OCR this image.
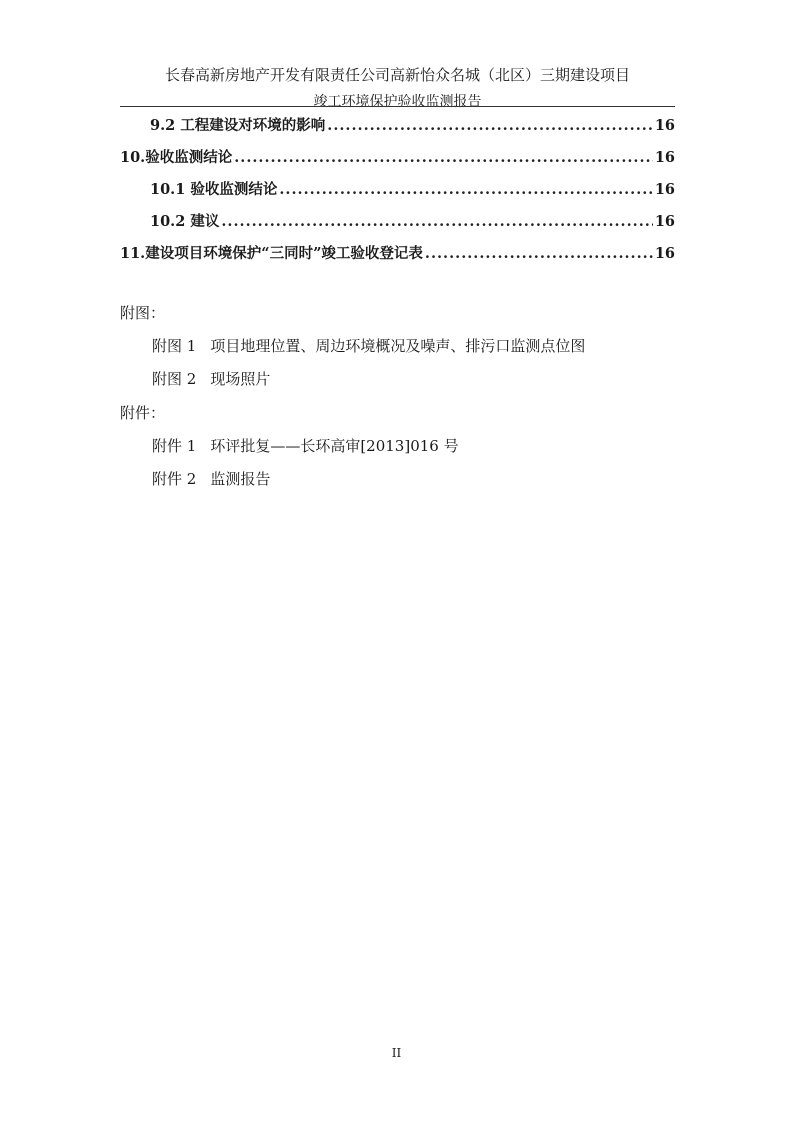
长春高新房地产开发有限责任公司高新怡众名城（北区）三期建设项目
竣工环境保护验收监测报告
9.2 工程建设对环境的影响 .....	16
10.验收监测结论 .....	16
10.1 验收监测结论 .....	16
10.2 建议 .....	16
11.建设项目环境保护“三同时”竣工验收登记表 .....	16
附图：
附图 1 项目地理位置、周边环境概况及噪声、排污口监测点位图
附图 2 现场照片
附件：
附件 1 环评批复——长环高审[2013]016 号
附件 2 监测报告
II
